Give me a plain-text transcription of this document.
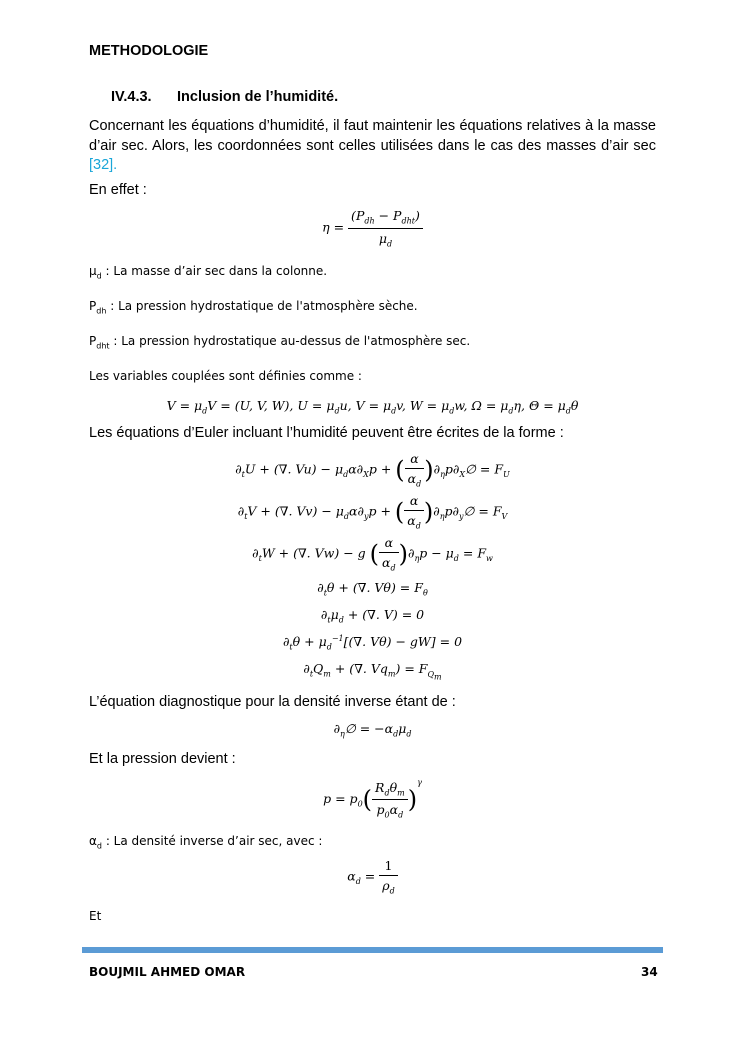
METHODOLOGIE
IV.4.3. Inclusion de l’humidité.
Concernant les équations d’humidité, il faut maintenir les équations relatives à la masse d’air sec. Alors, les coordonnées sont celles utilisées dans le cas des masses d’air sec [32].
En effet :
$\eta = \frac{(P_{dh} - P_{dht})}{\mu_d}$
$\mu_d$ : La masse d’air sec dans la colonne.
$P_{dh}$ : La pression hydrostatique de l'atmosphère sèche.
$P_{dht}$ : La pression hydrostatique au-dessus de l'atmosphère sec.
Les variables couplées sont définies comme :
$V = \mu_dV = (U$, V, W), $U = \mu_du$, $V = \mu_dv$, $W = \mu_dw$, $\Omega = \mu_d\eta$, $\Theta = \mu_d\theta$
Les équations d’Euler incluant l’humidité peuvent être écrites de la forme :
$\partial_tU$ + (∇. $Vu) - \mu_d\alpha\partial_Xp$ + ( $\frac{\alpha}{\alpha_d}$ )$\partial_\eta p\partial_X\emptyset = F_U$
$\partial_tV$ + (∇. $Vv) - \mu_d\alpha\partial_yp$ + ( $\frac{\alpha}{\alpha_d}$ )$\partial_\eta p\partial_y\emptyset = F_V$
$\partial_tW$ + (∇. Vw) − g ( $\frac{\alpha}{\alpha_d} )\partial_\eta p - \mu_d = F_w$
$\partial_t\theta$ + (∇. $V\theta) = F_\theta$
$\partial_t\mu_d$ + (∇. V) = 0
$\partial_t\theta + \mu_d^{-1}[(\nabla$. Vθ) − gW] = 0
$\partial_tQ_m$ + (∇. $Vq_m) = F_{Q_m}$
L’équation diagnostique pour la densité inverse étant de :
$\partial_\eta\emptyset = -\alpha_d\mu_d$
Et la pression devient :
$p = p_0( \frac{R_d\theta_m}{p_0\alpha_d} )^\gamma$
$\alpha_d$ : La densité inverse d’air sec, avec :
$\alpha_d = \frac{1}{\rho_d}$
Et
BOUJMIL AHMED OMAR	34
